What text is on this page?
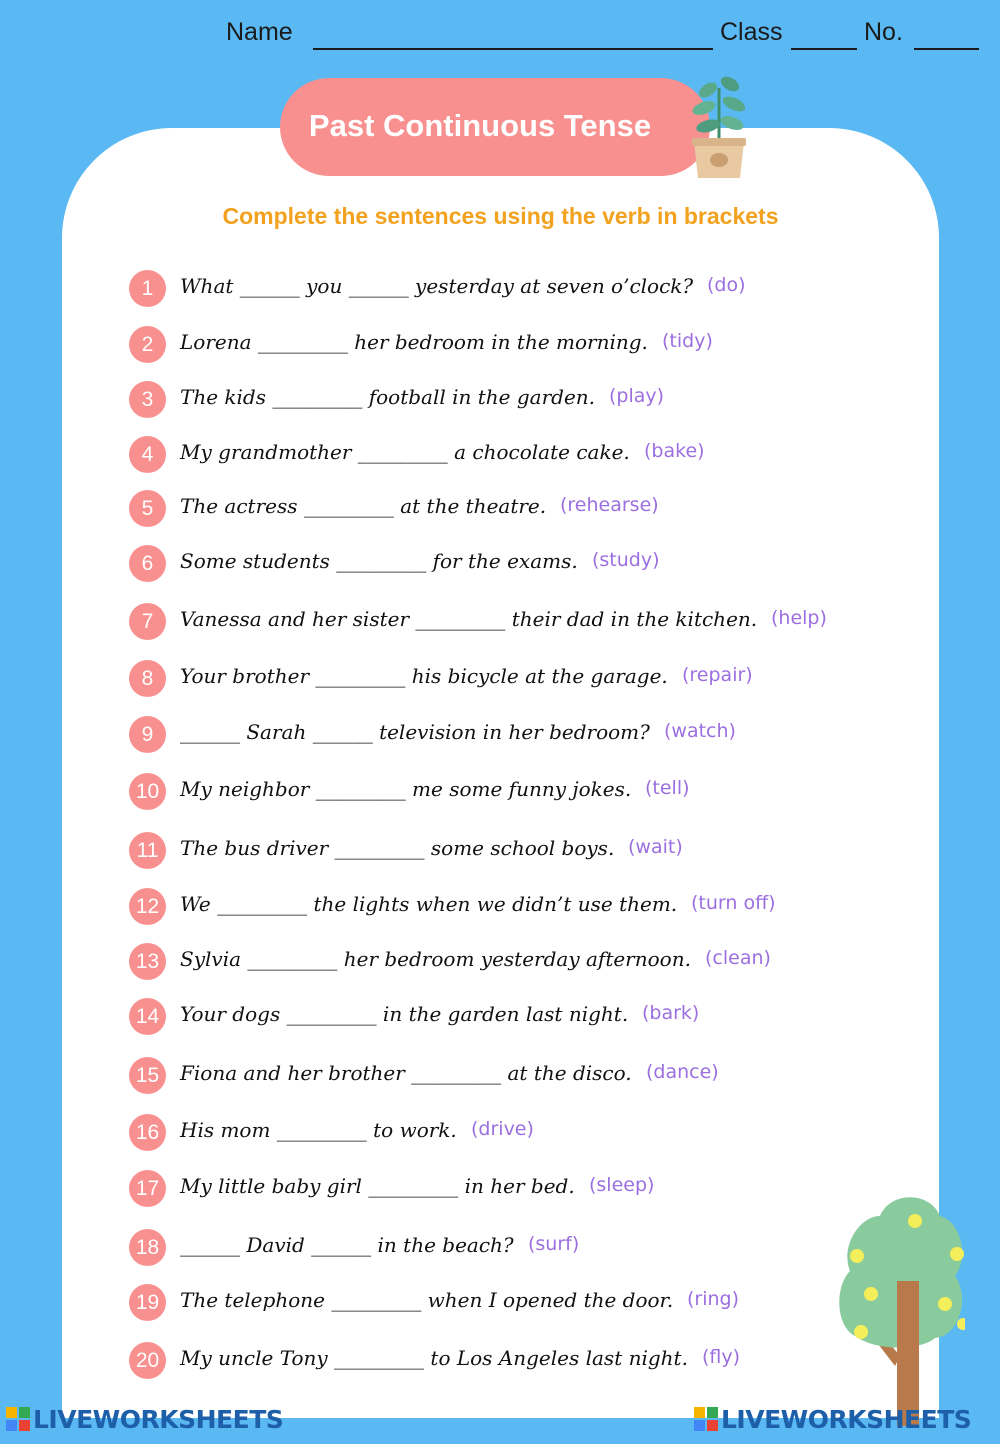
Name	Class	No.
Past Continuous Tense
Complete the sentences using the verb in brackets
1	What ______ you ______ yesterday at seven o’clock? (do)
2	Lorena _________ her bedroom in the morning. (tidy)
3	The kids _________ football in the garden. (play)
4	My grandmother _________ a chocolate cake. (bake)
5	The actress _________ at the theatre. (rehearse)
6	Some students _________ for the exams. (study)
7	Vanessa and her sister _________ their dad in the kitchen. (help)
8	Your brother _________ his bicycle at the garage. (repair)
9	______ Sarah ______ television in her bedroom? (watch)
10	My neighbor _________ me some funny jokes. (tell)
11	The bus driver _________ some school boys. (wait)
12	We _________ the lights when we didn’t use them. (turn off)
13	Sylvia _________ her bedroom yesterday afternoon. (clean)
14	Your dogs _________ in the garden last night. (bark)
15	Fiona and her brother _________ at the disco. (dance)
16	His mom _________ to work. (drive)
17	My little baby girl _________ in her bed. (sleep)
18	______ David ______ in the beach? (surf)
19	The telephone _________ when I opened the door. (ring)
20	My uncle Tony _________ to Los Angeles last night. (fly)
LIVEWORKSHEETS	LIVEWORKSHEETS
